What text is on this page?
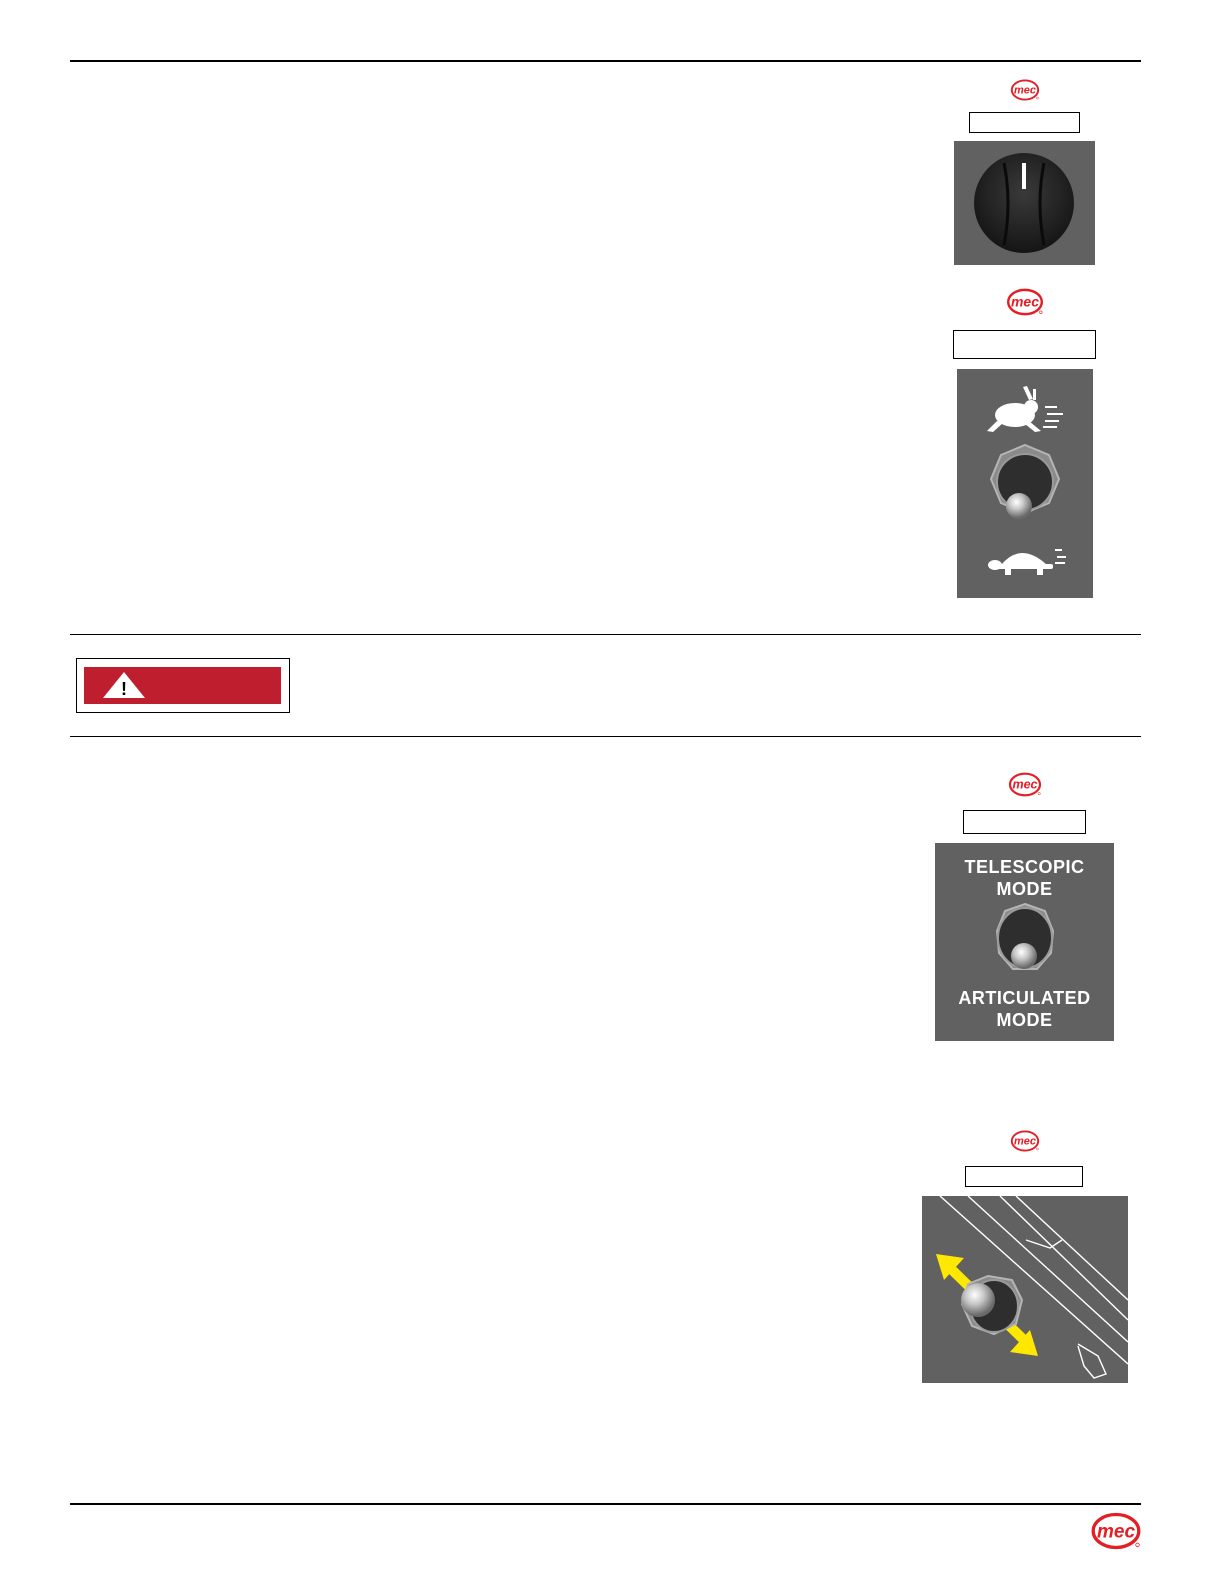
!
TELESCOPIC
MODE
ARTICULATED
MODE
